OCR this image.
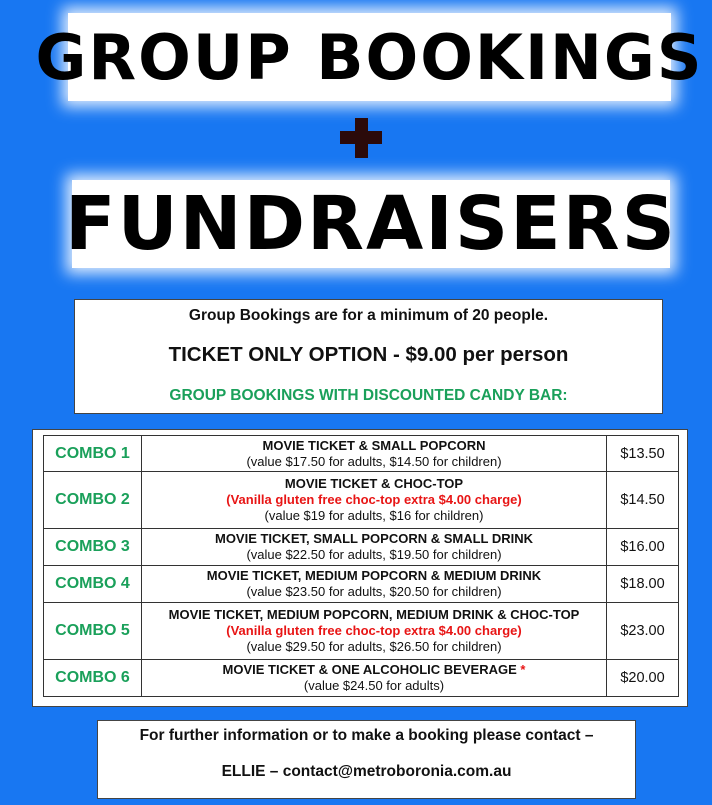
GROUP BOOKINGS
FUNDRAISERS
Group Bookings are for a minimum of 20 people.
TICKET ONLY OPTION - $9.00 per person
GROUP BOOKINGS WITH DISCOUNTED CANDY BAR:
COMBO 1	MOVIE TICKET & SMALL POPCORN
(value $17.50 for adults, $14.50 for children)	$13.50
COMBO 2	MOVIE TICKET & CHOC-TOP
(Vanilla gluten free choc-top extra $4.00 charge)
(value $19 for adults, $16 for children)	$14.50
COMBO 3	MOVIE TICKET, SMALL POPCORN & SMALL DRINK
(value $22.50 for adults, $19.50 for children)	$16.00
COMBO 4	MOVIE TICKET, MEDIUM POPCORN & MEDIUM DRINK
(value $23.50 for adults, $20.50 for children)	$18.00
COMBO 5	MOVIE TICKET, MEDIUM POPCORN, MEDIUM DRINK & CHOC-TOP
(Vanilla gluten free choc-top extra $4.00 charge)
(value $29.50 for adults, $26.50 for children)	$23.00
COMBO 6	MOVIE TICKET & ONE ALCOHOLIC BEVERAGE *
(value $24.50 for adults)	$20.00
For further information or to make a booking please contact –
ELLIE – contact@metroboronia.com.au
